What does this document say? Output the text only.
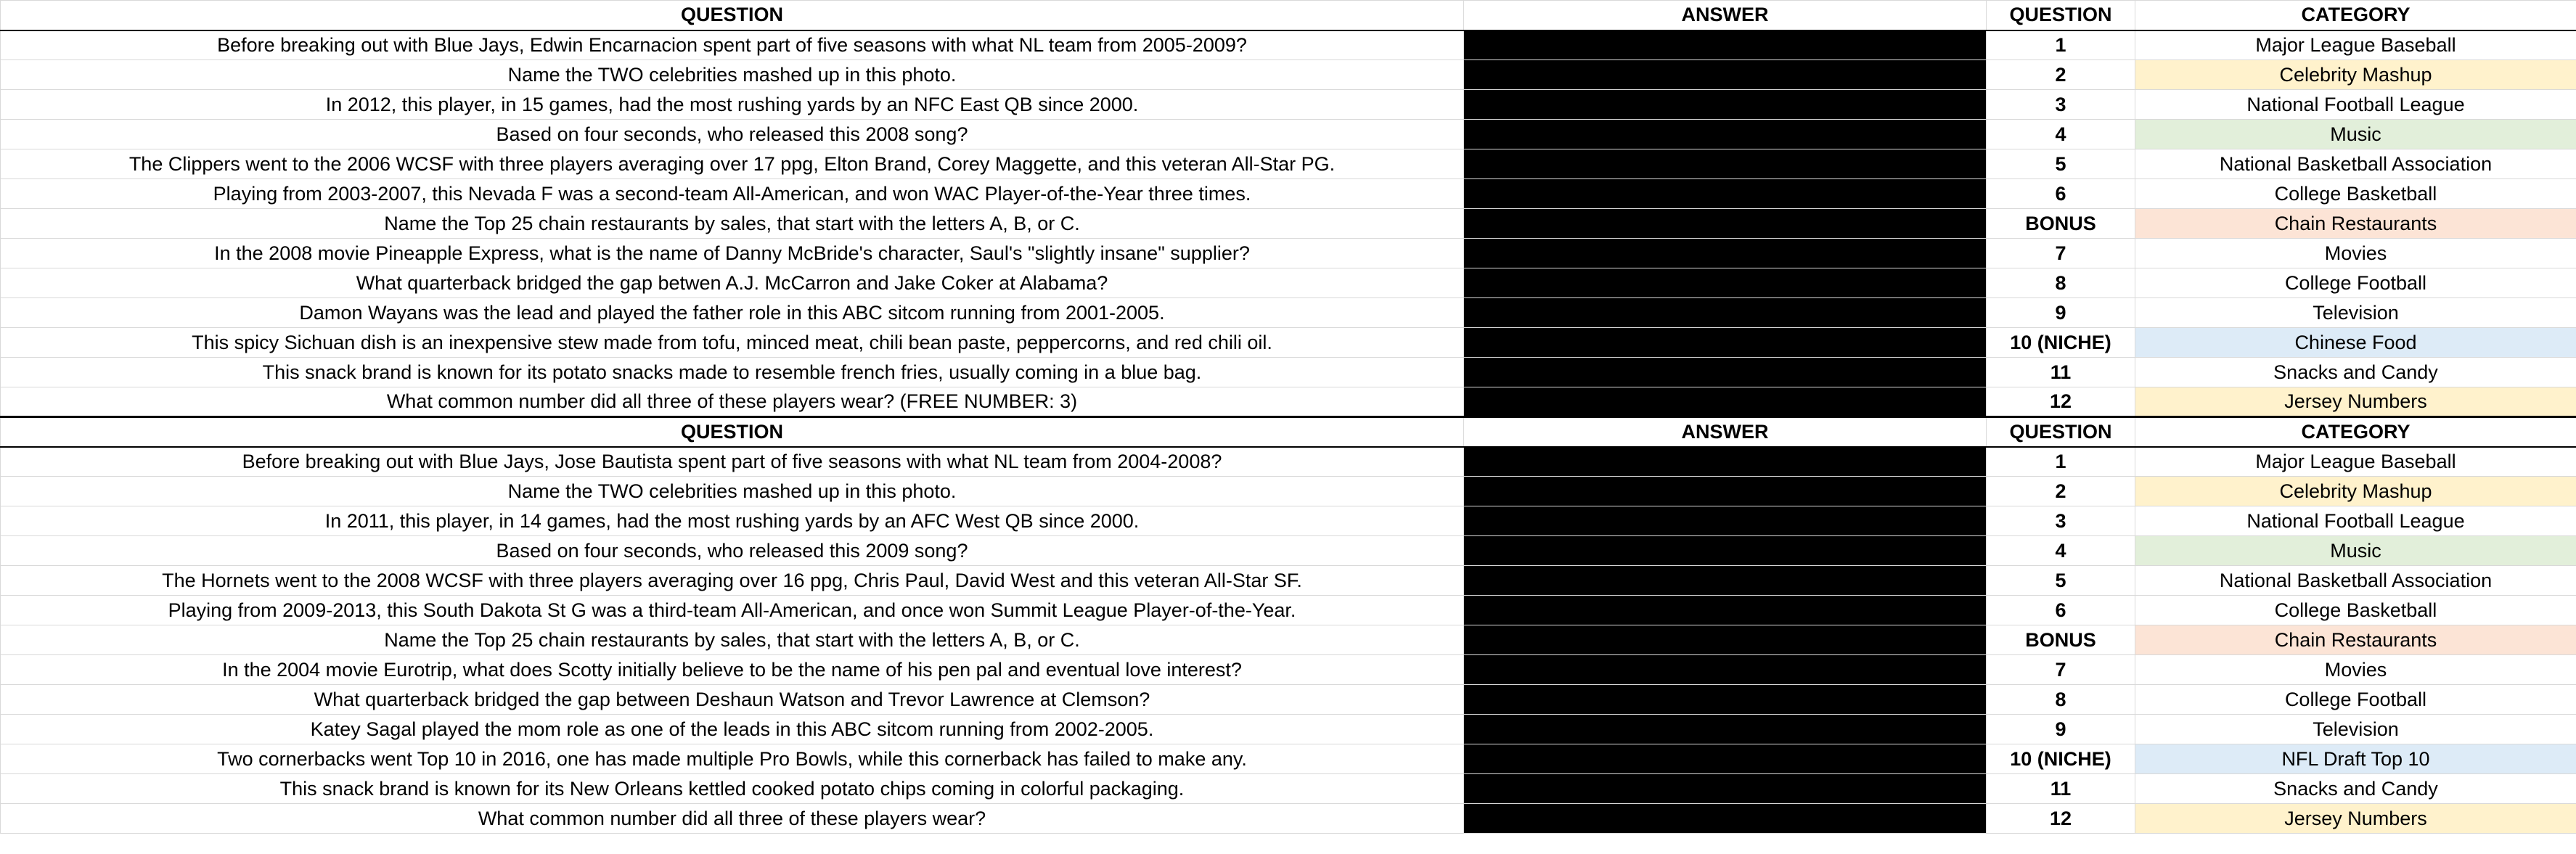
QUESTION	ANSWER	QUESTION	CATEGORY
Before breaking out with Blue Jays, Edwin Encarnacion spent part of five seasons with what NL team from 2005-2009?		1	Major League Baseball
Name the TWO celebrities mashed up in this photo.		2	Celebrity Mashup
In 2012, this player, in 15 games, had the most rushing yards by an NFC East QB since 2000.		3	National Football League
Based on four seconds, who released this 2008 song?		4	Music
The Clippers went to the 2006 WCSF with three players averaging over 17 ppg, Elton Brand, Corey Maggette, and this veteran All-Star PG.		5	National Basketball Association
Playing from 2003-2007, this Nevada F was a second-team All-American, and won WAC Player-of-the-Year three times.		6	College Basketball
Name the Top 25 chain restaurants by sales, that start with the letters A, B, or C.		BONUS	Chain Restaurants
In the 2008 movie Pineapple Express, what is the name of Danny McBride's character, Saul's "slightly insane" supplier?		7	Movies
What quarterback bridged the gap betwen A.J. McCarron and Jake Coker at Alabama?		8	College Football
Damon Wayans was the lead and played the father role in this ABC sitcom running from 2001-2005.		9	Television
This spicy Sichuan dish is an inexpensive stew made from tofu, minced meat, chili bean paste, peppercorns, and red chili oil.		10 (NICHE)	Chinese Food
This snack brand is known for its potato snacks made to resemble french fries, usually coming in a blue bag.		11	Snacks and Candy
What common number did all three of these players wear? (FREE NUMBER: 3)		12	Jersey Numbers
QUESTION	ANSWER	QUESTION	CATEGORY
Before breaking out with Blue Jays, Jose Bautista spent part of five seasons with what NL team from 2004-2008?		1	Major League Baseball
Name the TWO celebrities mashed up in this photo.		2	Celebrity Mashup
In 2011, this player, in 14 games, had the most rushing yards by an AFC West QB since 2000.		3	National Football League
Based on four seconds, who released this 2009 song?		4	Music
The Hornets went to the 2008 WCSF with three players averaging over 16 ppg, Chris Paul, David West and this veteran All-Star SF.		5	National Basketball Association
Playing from 2009-2013, this South Dakota St G was a third-team All-American, and once won Summit League Player-of-the-Year.		6	College Basketball
Name the Top 25 chain restaurants by sales, that start with the letters A, B, or C.		BONUS	Chain Restaurants
In the 2004 movie Eurotrip, what does Scotty initially believe to be the name of his pen pal and eventual love interest?		7	Movies
What quarterback bridged the gap between Deshaun Watson and Trevor Lawrence at Clemson?		8	College Football
Katey Sagal played the mom role as one of the leads in this ABC sitcom running from 2002-2005.		9	Television
Two cornerbacks went Top 10 in 2016, one has made multiple Pro Bowls, while this cornerback has failed to make any.		10 (NICHE)	NFL Draft Top 10
This snack brand is known for its New Orleans kettled cooked potato chips coming in colorful packaging.		11	Snacks and Candy
What common number did all three of these players wear?		12	Jersey Numbers
